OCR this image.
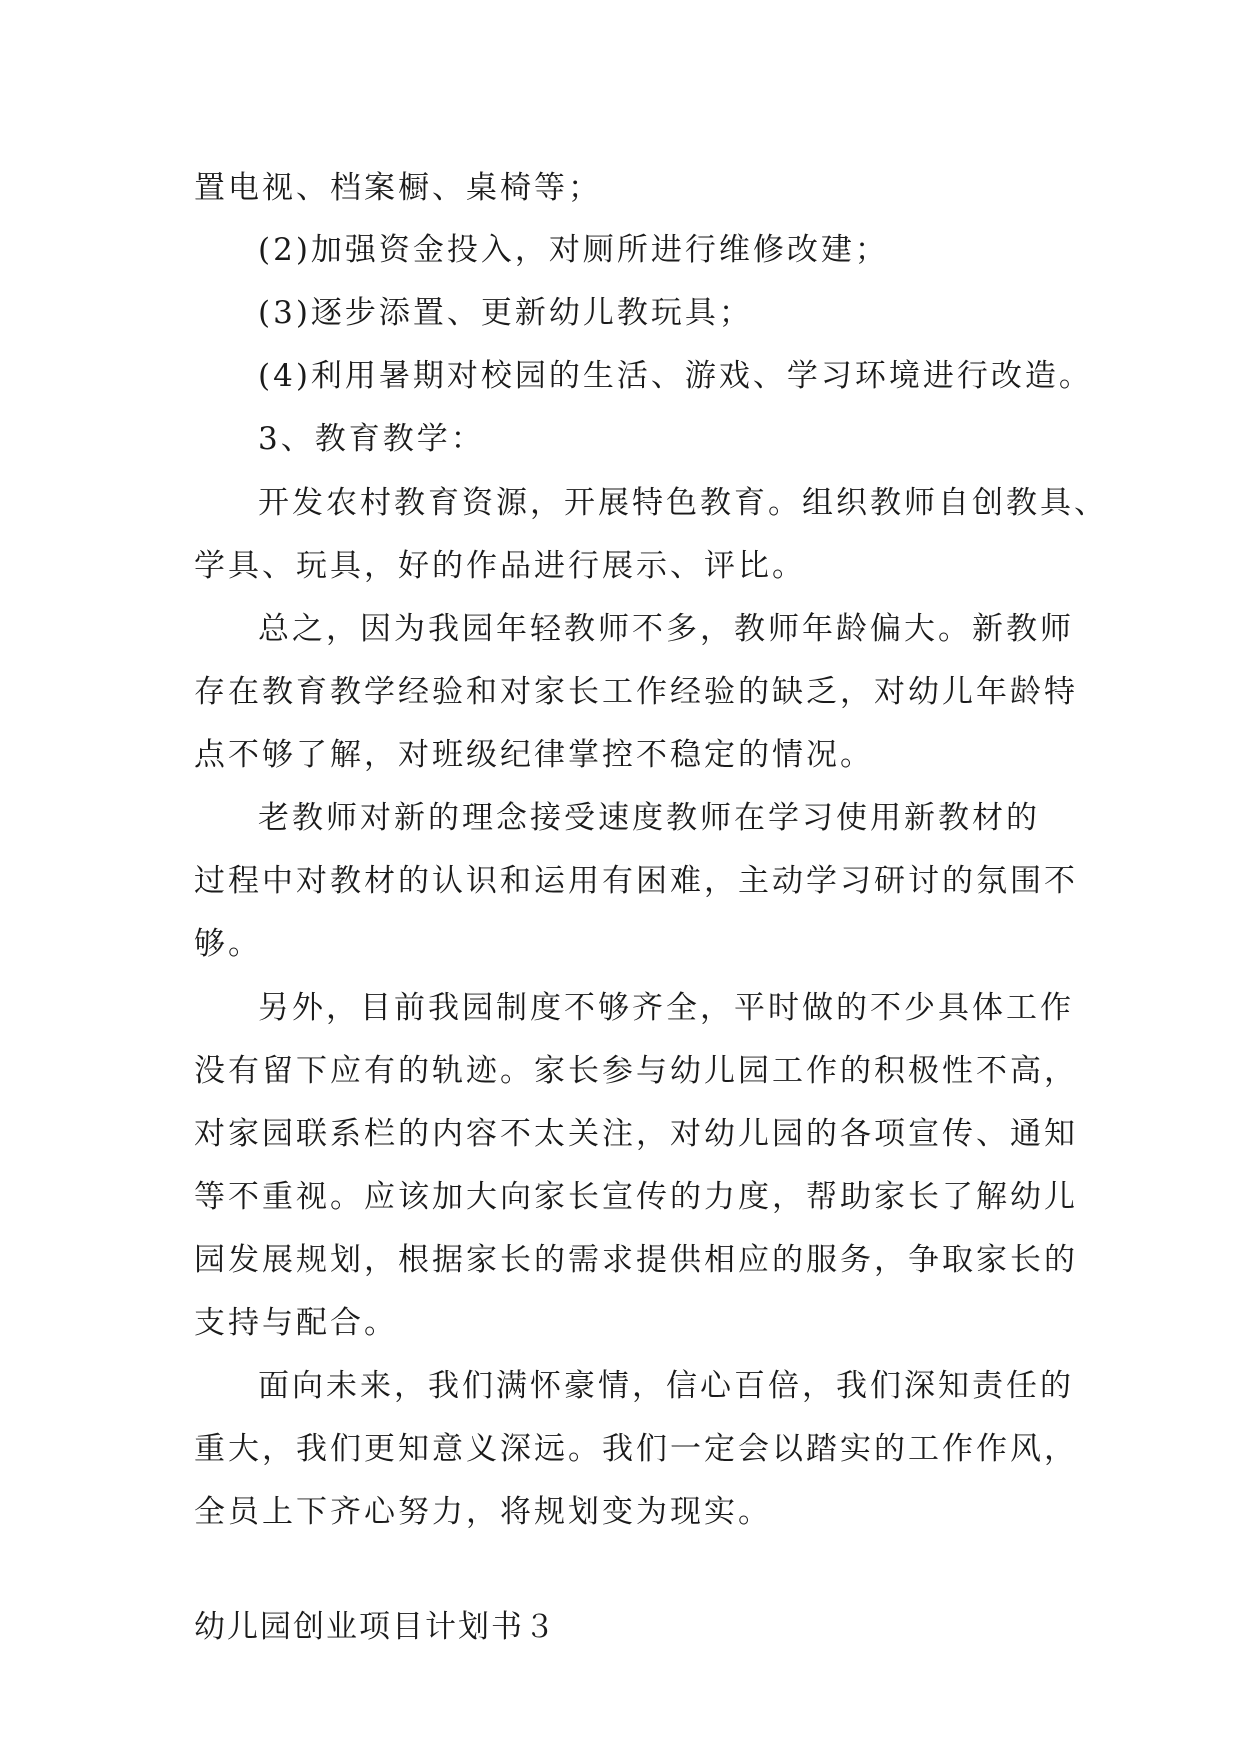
置电视、档案橱、桌椅等；
(2)加强资金投入，对厕所进行维修改建；
(3)逐步添置、更新幼儿教玩具；
(4)利用暑期对校园的生活、游戏、学习环境进行改造。
3、教育教学：
开发农村教育资源，开展特色教育。组织教师自创教具、
学具、玩具，好的作品进行展示、评比。
总之，因为我园年轻教师不多，教师年龄偏大。新教师
存在教育教学经验和对家长工作经验的缺乏，对幼儿年龄特
点不够了解，对班级纪律掌控不稳定的情况。
老教师对新的理念接受速度教师在学习使用新教材的
过程中对教材的认识和运用有困难，主动学习研讨的氛围不
够。
另外，目前我园制度不够齐全，平时做的不少具体工作
没有留下应有的轨迹。家长参与幼儿园工作的积极性不高，
对家园联系栏的内容不太关注，对幼儿园的各项宣传、通知
等不重视。应该加大向家长宣传的力度，帮助家长了解幼儿
园发展规划，根据家长的需求提供相应的服务，争取家长的
支持与配合。
面向未来，我们满怀豪情，信心百倍，我们深知责任的
重大，我们更知意义深远。我们一定会以踏实的工作作风，
全员上下齐心努力，将规划变为现实。
幼儿园创业项目计划书３
